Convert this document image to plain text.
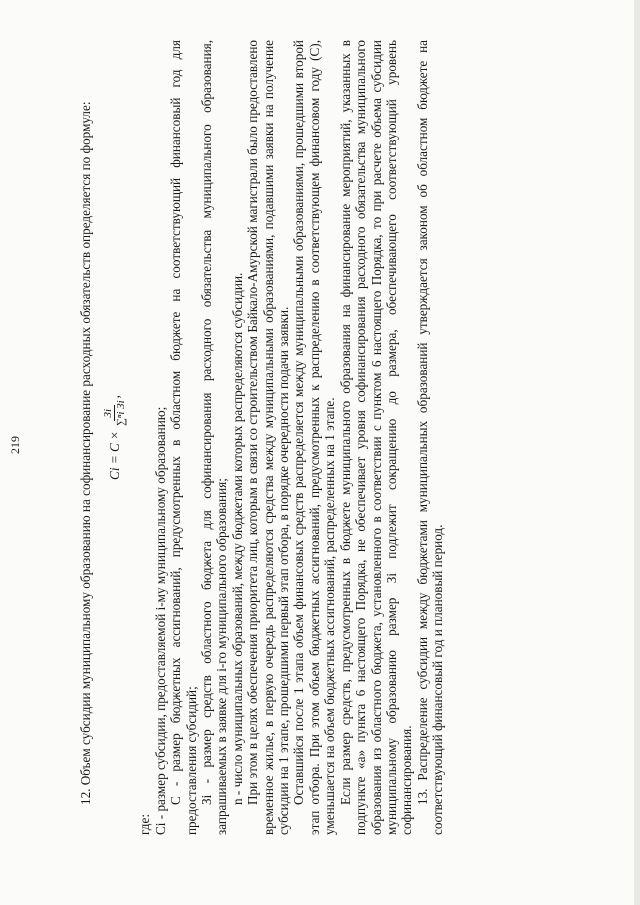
219	12. Объем субсидии муниципальному образованию на софинансирование расходных обязательств определяется по формуле: Ci = C ×
Зi ∑ⁿi Зi
,

где: Ci - размер субсидии, предоставляемой i-му муниципальному образованию; С - размер бюджетных ассигнований, предусмотренных в областном бюджете на соответствующий финансовый год для предоставления субсидий; Зi - размер средств областного бюджета для софинансирования расходного обязательства муниципального образования, запрашиваемых в заявке для i-го муниципального образования; n - число муниципальных образований, между бюджетами которых распределяются субсидии. При этом в целях обеспечения приоритета лиц, которым в связи со строительством Байкало-Амурской магистрали было предоставлено временное жилье, в первую очередь распределяются средства между муниципальными образованиями, подавшими заявки на получение субсидии на 1 этапе, прошедшими первый этап отбора, в порядке очередности подачи заявки. Оставшийся после 1 этапа объем финансовых средств распределяется между муниципальными образованиями, прошедшими второй этап отбора. При этом объем бюджетных ассигнований, предусмотренных к распределению в соответствующем финансовом году (С), уменьшается на объем бюджетных ассигнований, распределенных на 1 этапе. Если размер средств, предусмотренных в бюджете муниципального образования на финансирование мероприятий, указанных в подпункте «а» пункта 6 настоящего Порядка, не обеспечивает уровня софинансирования расходного обязательства муниципального образования из областного бюджета, установленного в соответствии с пунктом 6 настоящего Порядка, то при расчете объема субсидии муниципальному образованию размер Зi подлежит сокращению до размера, обеспечивающего соответствующий уровень софинансирования. 13. Распределение субсидии между бюджетами муниципальных образований утверждается законом об областном бюджете на соответствующий финансовый год и плановый период.
